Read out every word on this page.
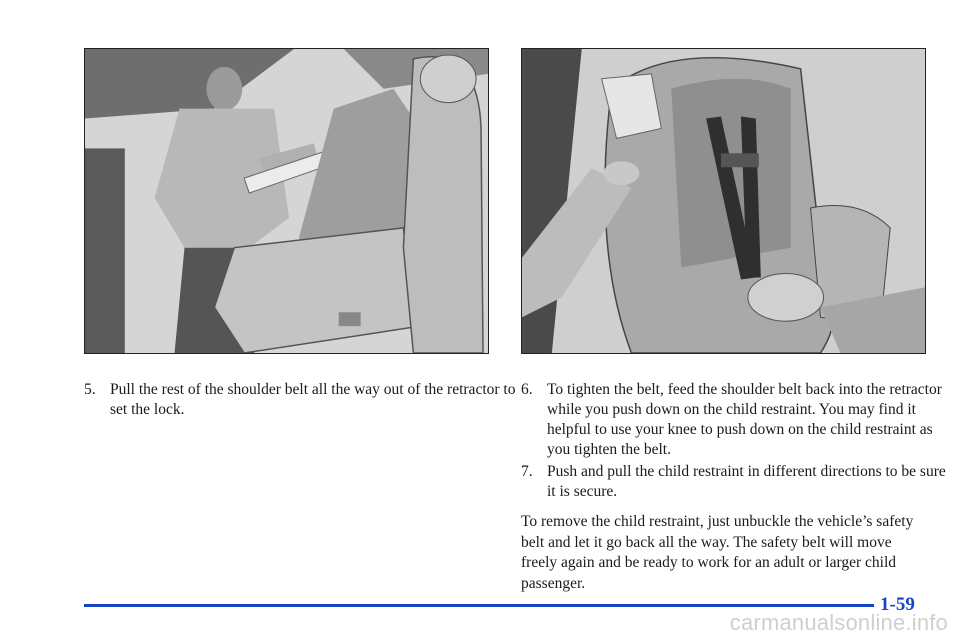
5. Pull the rest of the shoulder belt all the way out of the retractor to set the lock.
6. To tighten the belt, feed the shoulder belt back into the retractor while you push down on the child restraint. You may find it helpful to use your knee to push down on the child restraint as you tighten the belt.
7. Push and pull the child restraint in different directions to be sure it is secure.
To remove the child restraint, just unbuckle the vehicle’s safety belt and let it go back all the way. The safety belt will move freely again and be ready to work for an adult or larger child passenger.
1-59
carmanualsonline.info
